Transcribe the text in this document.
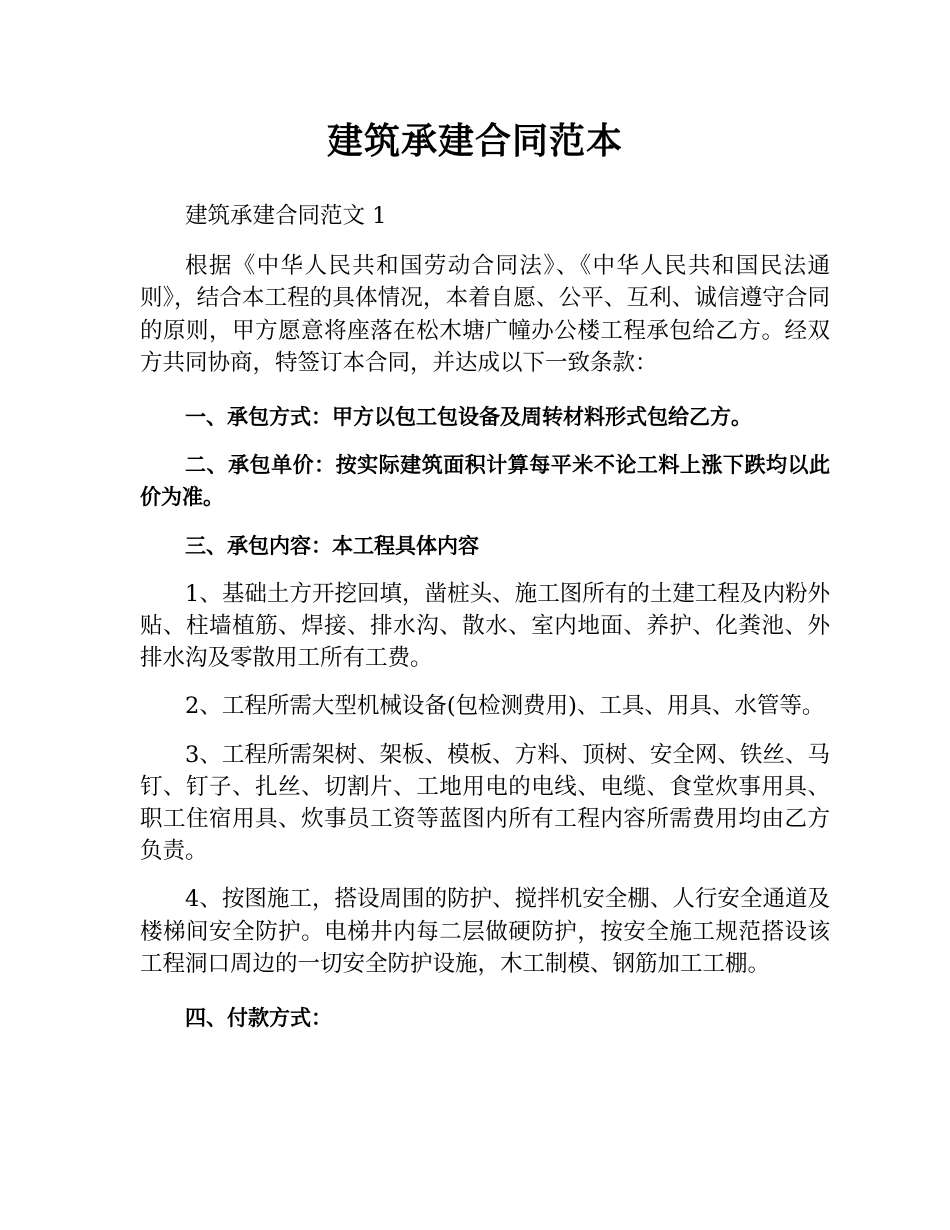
建筑承建合同范本

建筑承建合同范文 1

根据《中华人民共和国劳动合同法》、《中华人民共和国民法通则》，结合本工程的具体情况，本着自愿、公平、互利、诚信遵守合同的原则，甲方愿意将座落在松木塘广幢办公楼工程承包给乙方。经双方共同协商，特签订本合同，并达成以下一致条款：

一、承包方式：甲方以包工包设备及周转材料形式包给乙方。

二、承包单价：按实际建筑面积计算每平米不论工料上涨下跌均以此价为准。

三、承包内容：本工程具体内容

1、基础土方开挖回填，凿桩头、施工图所有的土建工程及内粉外贴、柱墙植筋、焊接、排水沟、散水、室内地面、养护、化粪池、外排水沟及零散用工所有工费。

2、工程所需大型机械设备(包检测费用)、工具、用具、水管等。

3、工程所需架树、架板、模板、方料、顶树、安全网、铁丝、马钉、钉子、扎丝、切割片、工地用电的电线、电缆、食堂炊事用具、职工住宿用具、炊事员工资等蓝图内所有工程内容所需费用均由乙方负责。

4、按图施工，搭设周围的防护、搅拌机安全棚、人行安全通道及楼梯间安全防护。电梯井内每二层做硬防护，按安全施工规范搭设该工程洞口周边的一切安全防护设施，木工制模、钢筋加工工棚。

四、付款方式：
